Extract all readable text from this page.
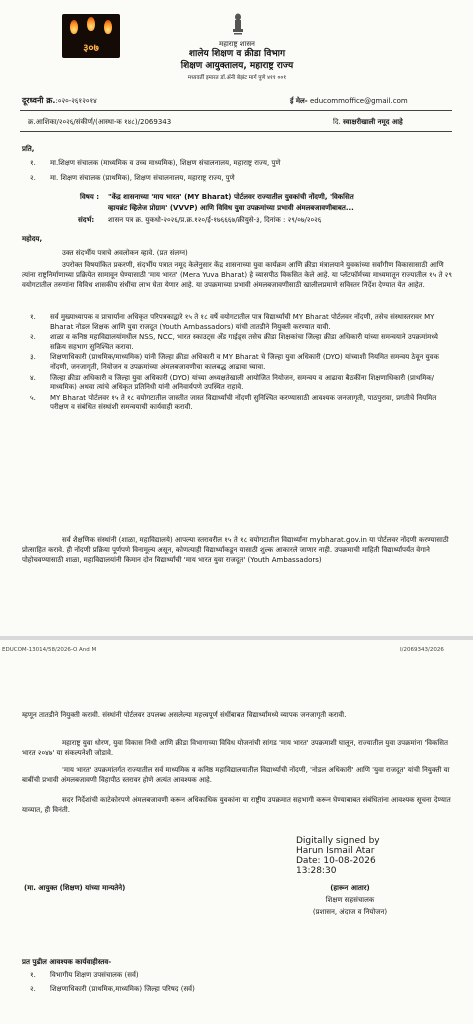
३०७	महाराष्ट्र शासन
शालेय शिक्षण व क्रीडा विभाग
शिक्षण आयुक्तालय, महाराष्ट्र राज्य
मध्यवर्ती इमारत डॉ.ॲनी बेझंट मार्ग पुणे ४११ ००१
दूरध्वनी क्र.:०२०-२६१२०१४	ई मेल- educommoffice@gmail.com
क्र.आशिका/२०२६/संकीर्ण/(आस्था-क १४८)/2069343	दि. स्वाक्षरीखाली नमूद आहे
प्रति,
१. मा.शिक्षण संचालक (माध्यमिक व उच्च माध्यमिक), शिक्षण संचालनालय, महाराष्ट्र राज्य, पुणे
२. मा. शिक्षण संचालक (प्राथमिक), शिक्षण संचालनालय, महाराष्ट्र राज्य, पुणे
विषय : "केंद्र शासनाच्या 'माय भारत' (MY Bharat) पोर्टलवर राज्यातील युवकांची नोंदणी, 'विकसित
व्हायब्रंट व्हिलेज प्रोग्राम' (VVVP) आणि विविध युवा उपक्रमांच्या प्रभावी अंमलबजावणीबाबत...
संदर्भ: शासन पत्र क्र. युकधो-२०२६/प्र.क्र.१२०/ई-१७६६६७/क्रीयुसे-३, दिनांक : २९/०७/२०२६
महोदय,
उक्त संदर्भीय पत्राचे अवलोकन व्हावे. (प्रत संलग्न)
उपरोक्त विषयांकित प्रकरणी, संदर्भीय पत्रात नमूद केलेनुसार केंद्र शासनाच्या युवा कार्यक्रम आणि क्रीडा मंत्रालयाने युवकांच्या सर्वांगीण विकासासाठी आणि त्यांना राष्ट्रनिर्माणाच्या प्रक्रियेत सामावून घेण्यासाठी 'माय भारत' (Mera Yuva Bharat) हे व्यासपीठ विकसित केले आहे. या प्लॅटफॉर्मच्या माध्यमातून राज्यातील १५ ते २९ वयोगटातील तरुणांना विविध शासकीय संधींचा लाभ घेता येणार आहे. या उपक्रमाच्या प्रभावी अंमलबजावणीसाठी खालीलप्रमाणे सविस्तर निर्देश देण्यात येत आहेत.
१. सर्व मुख्याध्यापक व प्राचार्यांना अधिकृत परिपत्रकाद्वारे १५ ते १८ वर्षे वयोगटातील पात्र विद्यार्थ्यांची MY Bharat पोर्टलवर नोंदणी, तसेच संस्थास्तरावर MY Bharat नोडल शिक्षक आणि युवा राजदूत (Youth Ambassadors) यांची तातडीने नियुक्ती करण्यात यावी.
२. शाळा व कनिष्ठ महाविद्यालयांमधील NSS, NCC, भारत स्काउट्स अँड गाईड्स तसेच क्रीडा शिक्षकांचा जिल्हा क्रीडा अधिकारी यांच्या समन्वयाने उपक्रमांमध्ये सक्रिय सहभाग सुनिश्चित करावा.
३. शिक्षणाधिकारी (प्राथमिक/माध्यमिक) यांनी जिल्हा क्रीडा अधिकारी व MY Bharat चे जिल्हा युवा अधिकारी (DYO) यांच्याशी नियमित समन्वय ठेवून युवक नोंदणी, जनजागृती, नियोजन व उपक्रमांच्या अंमलबजावणीचा कालबद्ध आढावा घ्यावा.
४. जिल्हा क्रीडा अधिकारी व जिल्हा युवा अधिकारी (DYO) यांच्या अध्यक्षतेखाली आयोजित नियोजन, समन्वय व आढावा बैठकींना शिक्षणाधिकारी (प्राथमिक/माध्यमिक) अथवा त्यांचे अधिकृत प्रतिनिधी यांनी अनिवार्यपणे उपस्थित राहावे.
५. MY Bharat पोर्टलवर १५ ते १८ वयोगटातील जास्तीत जास्त विद्यार्थ्यांची नोंदणी सुनिश्चित करण्यासाठी आवश्यक जनजागृती, पाठपुरावा, प्रगतीचे नियमित परीक्षण व संबंधित संस्थांशी समन्वयाची कार्यवाही करावी.
सर्व शैक्षणिक संस्थांनी (शाळा, महाविद्यालये) आपल्या स्तरावरील १५ ते १८ वयोगटातील विद्यार्थ्यांना mybharat.gov.in या पोर्टलवर नोंदणी करण्यासाठी प्रोत्साहित करावे. ही नोंदणी प्रक्रिया पूर्णपणे विनामूल्य असून, कोणत्याही विद्यार्थ्यांकडून यासाठी शुल्क आकारले जाणार नाही. उपक्रमाची माहिती विद्यार्थ्यांपर्यंत वेगाने पोहोचवण्यासाठी शाळा, महाविद्यालयांनी किमान दोन विद्यार्थ्यांची 'माय भारत युवा राजदूत' (Youth Ambassadors)
EDUCOM-13014/58/2026-O And M	I/2069343/2026
म्हणून तातडीने नियुक्ती करावी. संस्थांनी पोर्टलवर उपलब्ध असलेल्या महत्त्वपूर्ण संधींबाबत विद्यार्थ्यांमध्ये व्यापक जनजागृती करावी.
महाराष्ट्र युवा धोरण, युवा विकास निधी आणि क्रीडा विभागाच्या विविध योजनांची सांगड 'माय भारत' उपक्रमाशी घालून, राज्यातील युवा उपक्रमांना 'विकसित भारत २०४७' या संकल्पनेशी जोडावे.
'माय भारत' उपक्रमांतर्गत राज्यातील सर्व माध्यमिक व कनिष्ठ महाविद्यालयातील विद्यार्थ्यांची नोंदणी, 'नोडल अधिकारी' आणि 'युवा राजदूत' यांची नियुक्ती या बाबींची प्रभावी अंमलबजावणी विहापीठ स्तरावर होणे अत्यंत आवश्यक आहे.
सदर निर्देशांची काटेकोरपणे अंमलबजावणी करून अधिकाधिक युवकांना या राष्ट्रीय उपक्रमात सहभागी करून घेण्याबाबत संबंधितांना आवश्यक सूचना देण्यात याव्यात, ही विनंती.
Digitally signed by
Harun Ismail Atar
Date: 10-08-2026
13:28:30
(मा. आयुक्त (शिक्षण) यांच्या मान्यतेने)	(हारून आतार)
शिक्षण सहसंचालक
(प्रशासन, अंदाज व नियोजन)
प्रत पुढील आवश्यक कार्यवाहीस्तव-
१. विभागीय शिक्षण उपसंचालक (सर्व)
२. शिक्षणाधिकारी (प्राथमिक,माध्यमिक) जिल्हा परिषद (सर्व)
